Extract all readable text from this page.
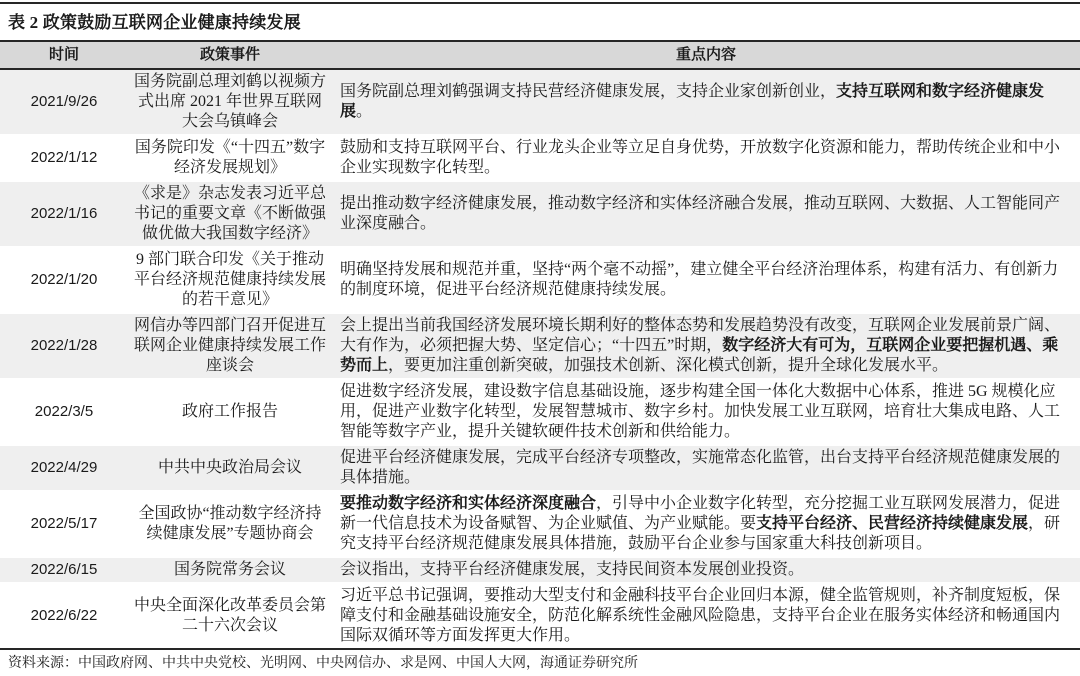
表 2 政策鼓励互联网企业健康持续发展
时间	政策事件	重点内容
2021/9/26	国务院副总理刘鹤以视频方式出席 2021 年世界互联网大会乌镇峰会	国务院副总理刘鹤强调支持民营经济健康发展，支持企业家创新创业，支持互联网和数字经济健康发展。
2022/1/12	国务院印发《“十四五”数字经济发展规划》	鼓励和支持互联网平台、行业龙头企业等立足自身优势，开放数字化资源和能力，帮助传统企业和中小企业实现数字化转型。
2022/1/16	《求是》杂志发表习近平总书记的重要文章《不断做强做优做大我国数字经济》	提出推动数字经济健康发展，推动数字经济和实体经济融合发展，推动互联网、大数据、人工智能同产业深度融合。
2022/1/20	9 部门联合印发《关于推动平台经济规范健康持续发展的若干意见》	明确坚持发展和规范并重，坚持“两个毫不动摇”，建立健全平台经济治理体系，构建有活力、有创新力的制度环境，促进平台经济规范健康持续发展。
2022/1/28	网信办等四部门召开促进互联网企业健康持续发展工作座谈会	会上提出当前我国经济发展环境长期利好的整体态势和发展趋势没有改变，互联网企业发展前景广阔、大有作为，必须把握大势、坚定信心；“十四五”时期，数字经济大有可为，互联网企业要把握机遇、乘势而上，要更加注重创新突破，加强技术创新、深化模式创新，提升全球化发展水平。
2022/3/5	政府工作报告	促进数字经济发展，建设数字信息基础设施，逐步构建全国一体化大数据中心体系，推进 5G 规模化应用，促进产业数字化转型，发展智慧城市、数字乡村。加快发展工业互联网，培育壮大集成电路、人工智能等数字产业，提升关键软硬件技术创新和供给能力。
2022/4/29	中共中央政治局会议	促进平台经济健康发展，完成平台经济专项整改，实施常态化监管，出台支持平台经济规范健康发展的具体措施。
2022/5/17	全国政协“推动数字经济持续健康发展”专题协商会	要推动数字经济和实体经济深度融合，引导中小企业数字化转型，充分挖掘工业互联网发展潜力，促进新一代信息技术为设备赋智、为企业赋值、为产业赋能。要支持平台经济、民营经济持续健康发展，研究支持平台经济规范健康发展具体措施，鼓励平台企业参与国家重大科技创新项目。
2022/6/15	国务院常务会议	会议指出，支持平台经济健康发展，支持民间资本发展创业投资。
2022/6/22	中央全面深化改革委员会第二十六次会议	习近平总书记强调，要推动大型支付和金融科技平台企业回归本源，健全监管规则，补齐制度短板，保障支付和金融基础设施安全，防范化解系统性金融风险隐患，支持平台企业在服务实体经济和畅通国内国际双循环等方面发挥更大作用。
资料来源：中国政府网、中共中央党校、光明网、中央网信办、求是网、中国人大网，海通证券研究所
